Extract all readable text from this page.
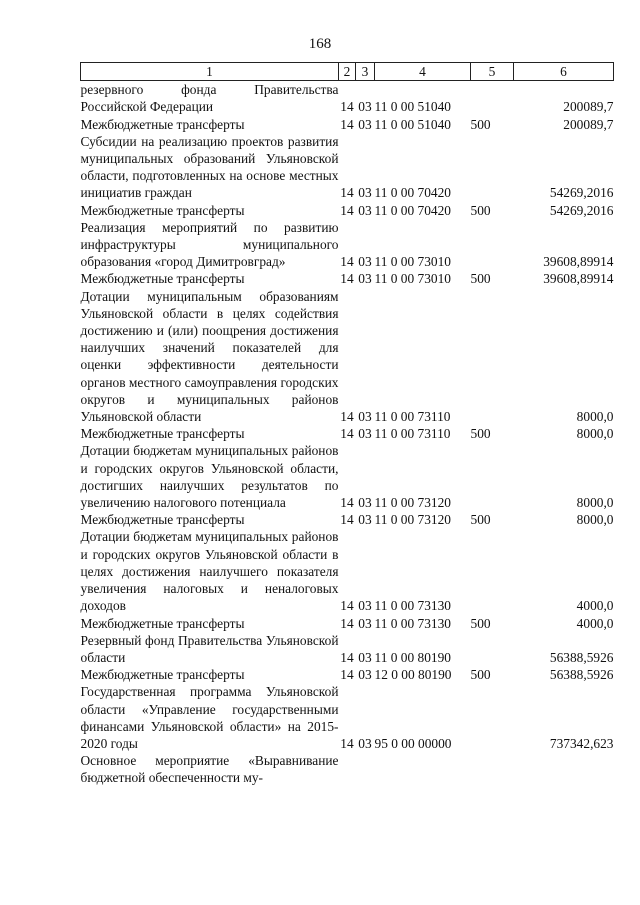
168
1	2	3	4	5	6
резервного фонда Правительства Российской Федерации	14	03	11 0 00 51040		200089,7
Межбюджетные трансферты	14	03	11 0 00 51040	500	200089,7
Субсидии на реализацию проектов развития муниципальных образований Ульяновской области, подготовленных на основе местных инициатив граждан	14	03	11 0 00 70420		54269,2016
Межбюджетные трансферты	14	03	11 0 00 70420	500	54269,2016
Реализация мероприятий по развитию инфраструктуры муниципального образования «город Димитровград»	14	03	11 0 00 73010		39608,89914
Межбюджетные трансферты	14	03	11 0 00 73010	500	39608,89914
Дотации муниципальным образованиям Ульяновской области в целях содействия достижению и (или) поощрения достижения наилучших значений показателей для оценки эффективности деятельности органов местного самоуправления городских округов и муниципальных районов Ульяновской области	14	03	11 0 00 73110		8000,0
Межбюджетные трансферты	14	03	11 0 00 73110	500	8000,0
Дотации бюджетам муниципальных районов и городских округов Ульяновской области, достигших наилучших результатов по увеличению налогового потенциала	14	03	11 0 00 73120		8000,0
Межбюджетные трансферты	14	03	11 0 00 73120	500	8000,0
Дотации бюджетам муниципальных районов и городских округов Ульяновской области в целях достижения наилучшего показателя увеличения налоговых и неналоговых доходов	14	03	11 0 00 73130		4000,0
Межбюджетные трансферты	14	03	11 0 00 73130	500	4000,0
Резервный фонд Правительства Ульяновской области	14	03	11 0 00 80190		56388,5926
Межбюджетные трансферты	14	03	12 0 00 80190	500	56388,5926
Государственная программа Ульяновской области «Управление государственными финансами Ульяновской области» на 2015-2020 годы	14	03	95 0 00 00000		737342,623
Основное мероприятие «Выравнивание бюджетной обеспеченности му-					
